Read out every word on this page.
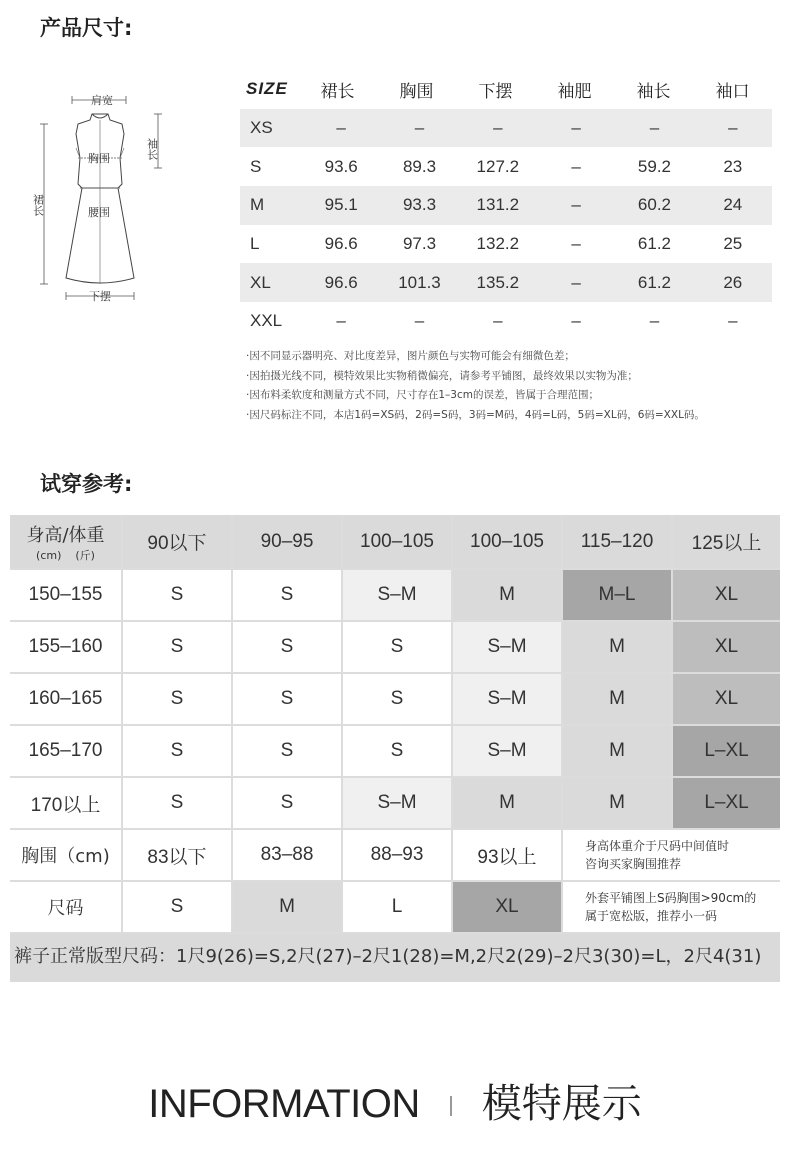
产品尺寸:
肩宽
胸围
腰围
下摆
袖长
裙长
SIZE	裙长	胸围	下摆	袖肥	袖长	袖口
XS	–	–	–	–	–	–
S	93.6	89.3	127.2	–	59.2	23
M	95.1	93.3	131.2	–	60.2	24
L	96.6	97.3	132.2	–	61.2	25
XL	96.6	101.3	135.2	–	61.2	26
XXL	–	–	–	–	–	–
·因不同显示器明亮、对比度差异，图片颜色与实物可能会有细微色差；
·因拍摄光线不同，模特效果比实物稍微偏亮，请参考平铺图，最终效果以实物为准；
·因布料柔软度和测量方式不同，尺寸存在1–3cm的误差，皆属于合理范围；
·因尺码标注不同，本店1码=XS码，2码=S码，3码=M码，4码=L码，5码=XL码，6码=XXL码。
试穿参考:
身高/体重
(cm)    (斤)
90以下	90–95	100–105	100–105	115–120	125以上
150–155	S	S	S–M	M	M–L	XL
155–160	S	S	S	S–M	M	XL
160–165	S	S	S	S–M	M	XL
165–170	S	S	S	S–M	M	L–XL
170以上	S	S	S–M	M	M	L–XL
胸围（cm)	83以下	83–88	88–93	93以上
身高体重介于尺码中间值时
咨询买家胸围推荐
尺码	S	M	L	XL	外套平铺图上S码胸围>90cm的
属于宽松版，推荐小一码
INFORMATION 模特展示
裤子正常版型尺码：1尺9(26)=S,2尺(27)–2尺1(28)=M,2尺2(29)–2尺3(30)=L，2尺4(31)
